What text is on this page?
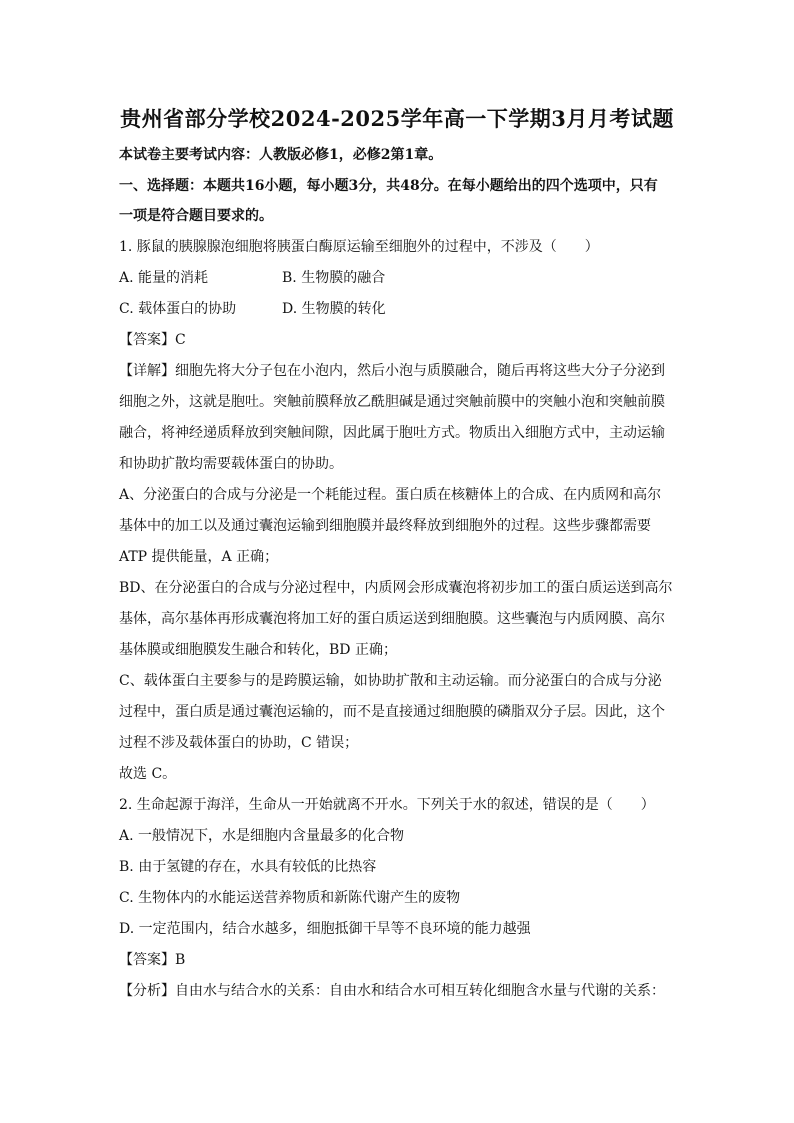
贵州省部分学校2024-2025学年高一下学期3月月考试题
本试卷主要考试内容：人教版必修1，必修2第1章。
一、选择题：本题共16小题，每小题3分，共48分。在每小题给出的四个选项中，只有
一项是符合题目要求的。
1. 豚鼠的胰腺腺泡细胞将胰蛋白酶原运输至细胞外的过程中，不涉及（　　）
A. 能量的消耗	B. 生物膜的融合
C. 载体蛋白的协助	D. 生物膜的转化
【答案】C
【详解】细胞先将大分子包在小泡内，然后小泡与质膜融合，随后再将这些大分子分泌到
细胞之外，这就是胞吐。突触前膜释放乙酰胆碱是通过突触前膜中的突触小泡和突触前膜
融合，将神经递质释放到突触间隙，因此属于胞吐方式。物质出入细胞方式中，主动运输
和协助扩散均需要载体蛋白的协助。
A、分泌蛋白的合成与分泌是一个耗能过程。蛋白质在核糖体上的合成、在内质网和高尔
基体中的加工以及通过囊泡运输到细胞膜并最终释放到细胞外的过程。这些步骤都需要
ATP 提供能量，A 正确；
BD、在分泌蛋白的合成与分泌过程中，内质网会形成囊泡将初步加工的蛋白质运送到高尔
基体，高尔基体再形成囊泡将加工好的蛋白质运送到细胞膜。这些囊泡与内质网膜、高尔
基体膜或细胞膜发生融合和转化，BD 正确；
C、载体蛋白主要参与的是跨膜运输，如协助扩散和主动运输。而分泌蛋白的合成与分泌
过程中，蛋白质是通过囊泡运输的，而不是直接通过细胞膜的磷脂双分子层。因此，这个
过程不涉及载体蛋白的协助，C 错误；
故选 C。
2. 生命起源于海洋，生命从一开始就离不开水。下列关于水的叙述，错误的是（　　）
A. 一般情况下，水是细胞内含量最多的化合物
B. 由于氢键的存在，水具有较低的比热容
C. 生物体内的水能运送营养物质和新陈代谢产生的废物
D. 一定范围内，结合水越多，细胞抵御干旱等不良环境的能力越强
【答案】B
【分析】自由水与结合水的关系：自由水和结合水可相互转化细胞含水量与代谢的关系：
